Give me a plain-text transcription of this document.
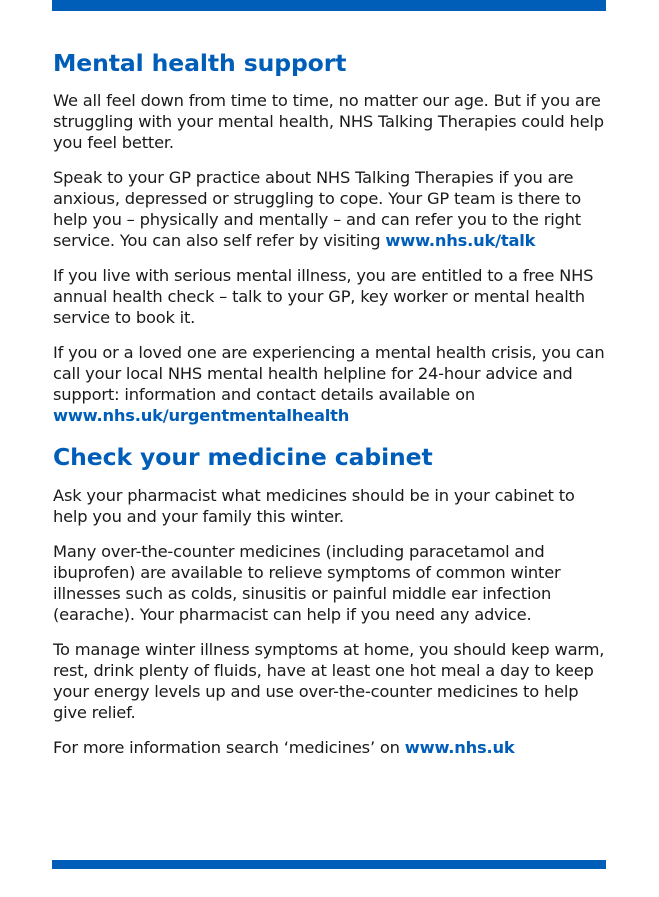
Mental health support

We all feel down from time to time, no matter our age. But if you are struggling with your mental health, NHS Talking Therapies could help you feel better.

Speak to your GP practice about NHS Talking Therapies if you are anxious, depressed or struggling to cope. Your GP team is there to help you – physically and mentally – and can refer you to the right service. You can also self refer by visiting www.nhs.uk/talk

If you live with serious mental illness, you are entitled to a free NHS annual health check – talk to your GP, key worker or mental health service to book it.

If you or a loved one are experiencing a mental health crisis, you can call your local NHS mental health helpline for 24-hour advice and support: information and contact details available on www.nhs.uk/urgentmentalhealth

Check your medicine cabinet

Ask your pharmacist what medicines should be in your cabinet to help you and your family this winter.

Many over-the-counter medicines (including paracetamol and ibuprofen) are available to relieve symptoms of common winter illnesses such as colds, sinusitis or painful middle ear infection (earache). Your pharmacist can help if you need any advice.

To manage winter illness symptoms at home, you should keep warm, rest, drink plenty of fluids, have at least one hot meal a day to keep your energy levels up and use over-the-counter medicines to help give relief.

For more information search ‘medicines’ on www.nhs.uk
